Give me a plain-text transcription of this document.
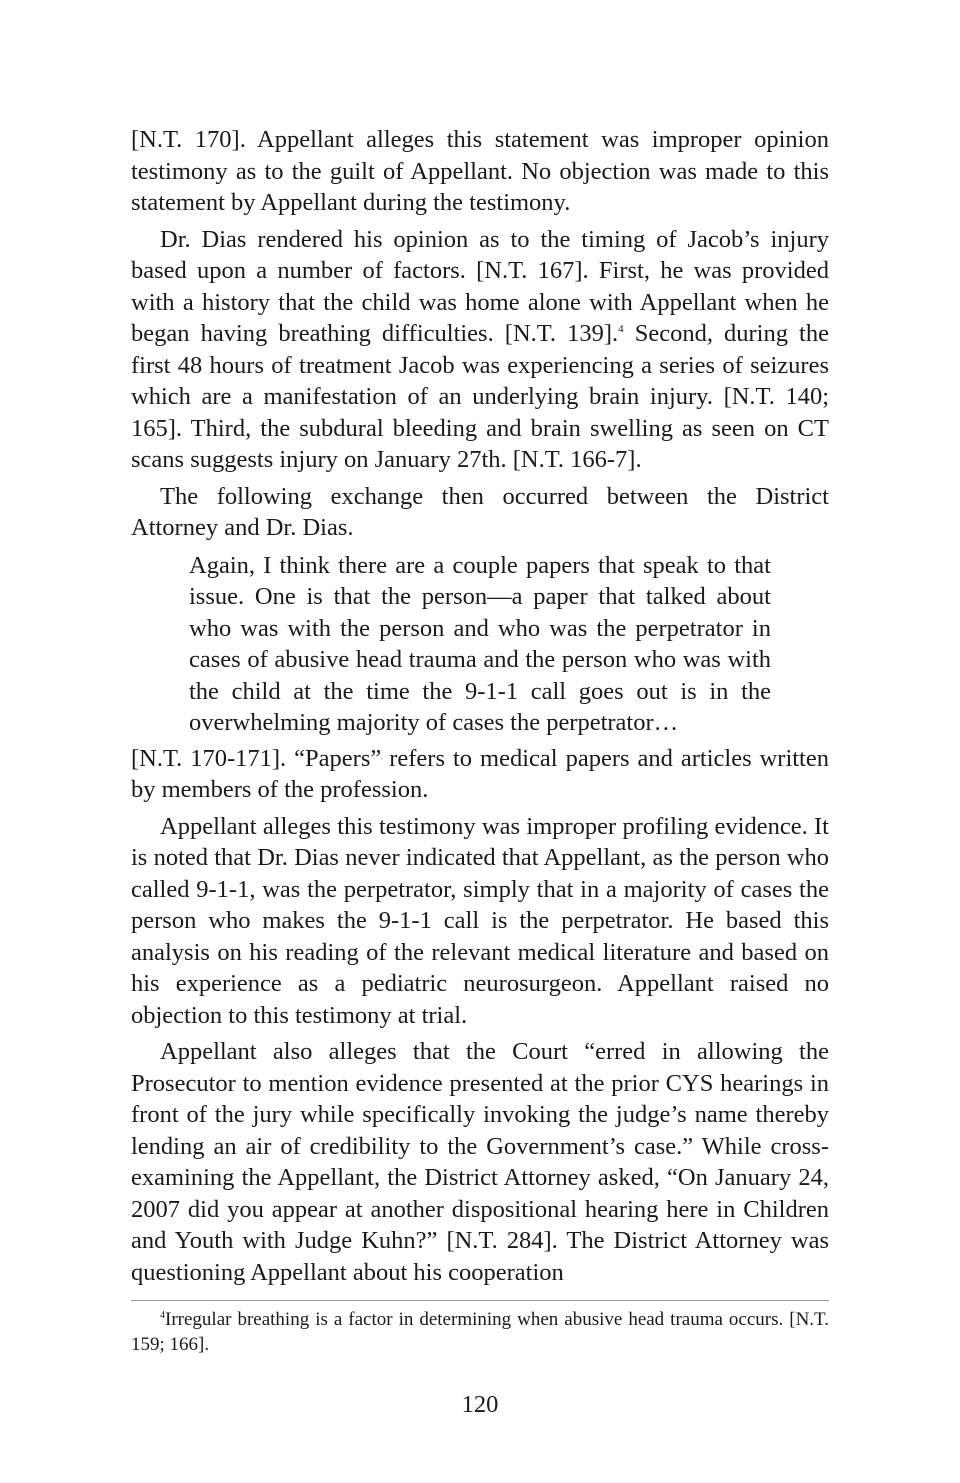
[N.T. 170]. Appellant alleges this statement was improper opinion testimony as to the guilt of Appellant. No objection was made to this statement by Appellant during the testimony.

Dr. Dias rendered his opinion as to the timing of Jacob’s injury based upon a number of factors. [N.T. 167]. First, he was provided with a history that the child was home alone with Appellant when he began having breathing difficulties. [N.T. 139].$^4$ Second, during the first 48 hours of treatment Jacob was experiencing a series of seizures which are a manifestation of an underlying brain injury. [N.T. 140; 165]. Third, the subdural bleeding and brain swelling as seen on CT scans suggests injury on January 27th. [N.T. 166-7].

The following exchange then occurred between the District Attorney and Dr. Dias.

Again, I think there are a couple papers that speak to that issue. One is that the person—a paper that talked about who was with the person and who was the perpetrator in cases of abusive head trauma and the person who was with the child at the time the 9-1-1 call goes out is in the overwhelming majority of cases the perpetrator…

[N.T. 170-171]. “Papers” refers to medical papers and articles written by members of the profession.

Appellant alleges this testimony was improper profiling evidence. It is noted that Dr. Dias never indicated that Appellant, as the person who called 9-1-1, was the perpetrator, simply that in a majority of cases the person who makes the 9-1-1 call is the perpetrator. He based this analysis on his reading of the relevant medical literature and based on his experience as a pediatric neurosurgeon. Appellant raised no objection to this testimony at trial.

Appellant also alleges that the Court “erred in allowing the Prosecutor to mention evidence presented at the prior CYS hearings in front of the jury while specifically invoking the judge’s name thereby lending an air of credibility to the Government’s case.” While cross-examining the Appellant, the District Attorney asked, “On January 24, 2007 did you appear at another dispositional hearing here in Children and Youth with Judge Kuhn?” [N.T. 284]. The District Attorney was questioning Appellant about his cooperation

$^4$Irregular breathing is a factor in determining when abusive head trauma occurs. [N.T. 159; 166].

120
